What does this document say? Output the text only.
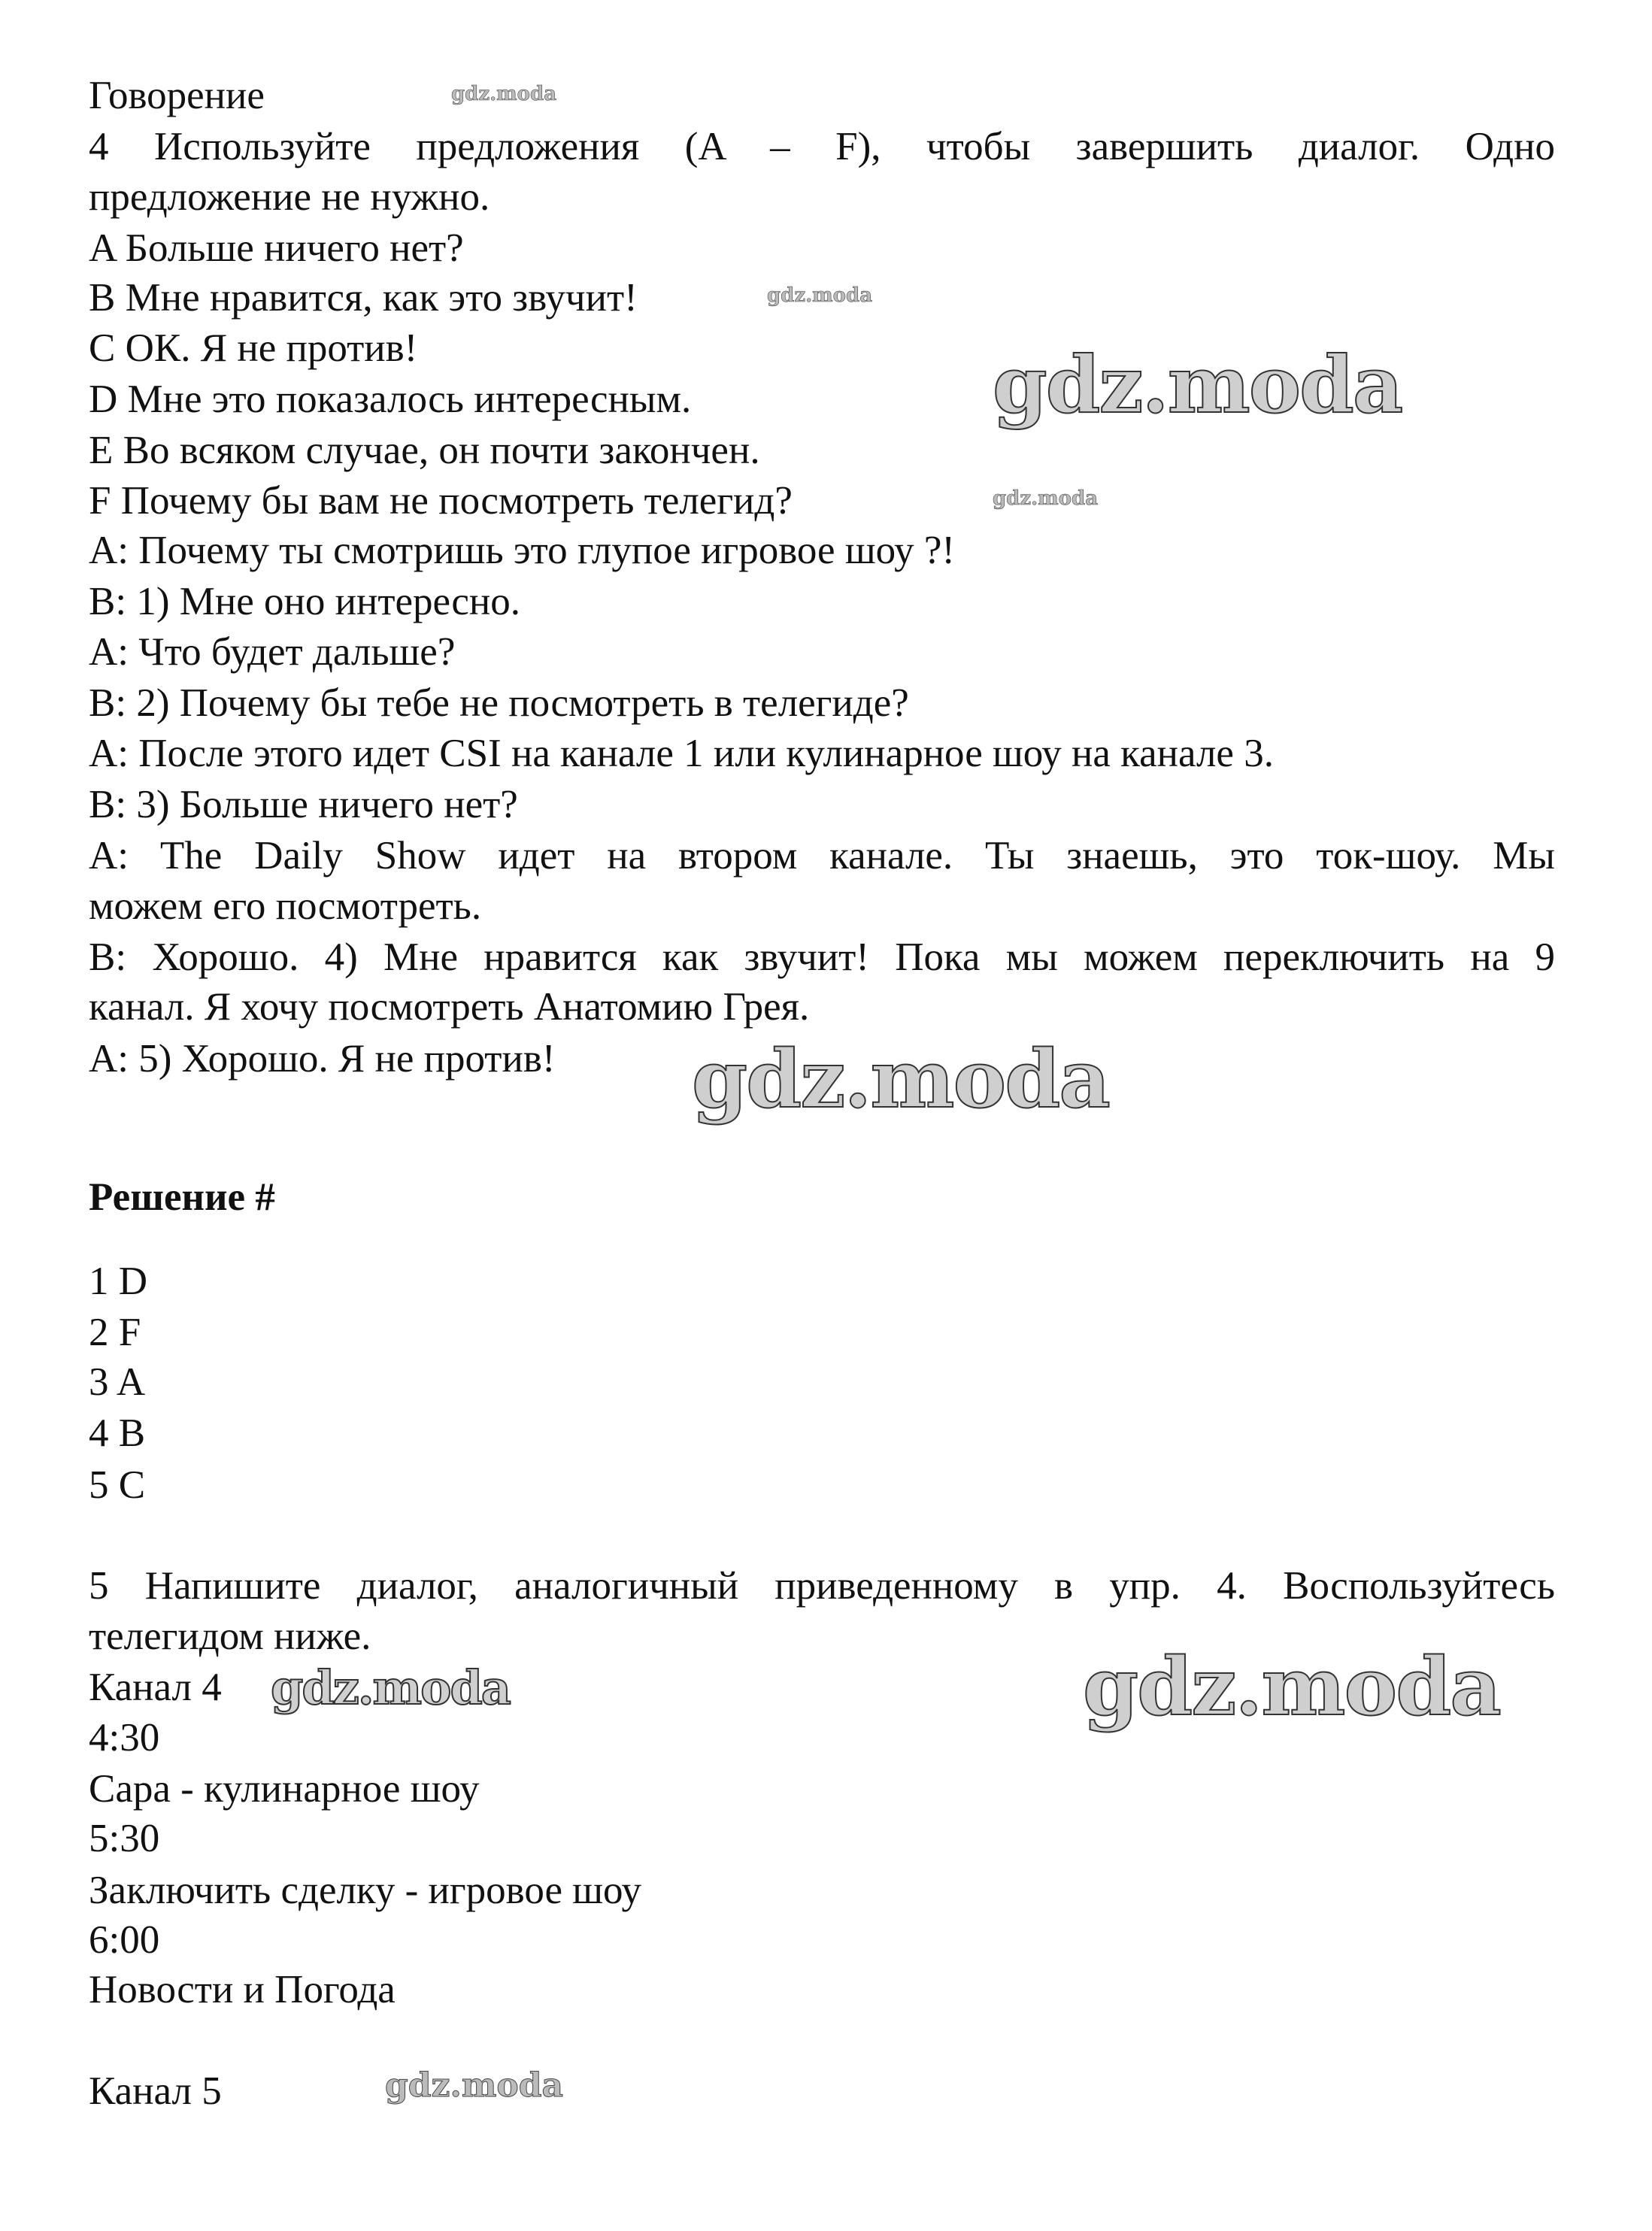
Говорение
4 Используйте предложения (A – F), чтобы завершить диалог. Одно
предложение не нужно.
A Больше ничего нет?
B Мне нравится, как это звучит!
C ОК. Я не против!
D Мне это показалось интересным.
E Во всяком случае, он почти закончен.
F Почему бы вам не посмотреть телегид?
A: Почему ты смотришь это глупое игровое шоу ?!
B: 1) Мне оно интересно.
A: Что будет дальше?
B: 2) Почему бы тебе не посмотреть в телегиде?
A: После этого идет CSI на канале 1 или кулинарное шоу на канале 3.
B: 3) Больше ничего нет?
A: The Daily Show идет на втором канале. Ты знаешь, это ток-шоу. Мы
можем его посмотреть.
B: Хорошо. 4) Мне нравится как звучит! Пока мы можем переключить на 9
канал. Я хочу посмотреть Анатомию Грея.
A: 5) Хорошо. Я не против!
Решение #
1 D
2 F
3 A
4 B
5 C
5 Напишите диалог, аналогичный приведенному в упр. 4. Воспользуйтесь
телегидом ниже.
Канал 4
4:30
Сара - кулинарное шоу
5:30
Заключить сделку - игровое шоу
6:00
Новости и Погода
Канал 5
gdz.moda
gdz.moda
gdz.moda
gdz.moda
gdz.moda
gdz.moda	gdz.moda
gdz.moda
